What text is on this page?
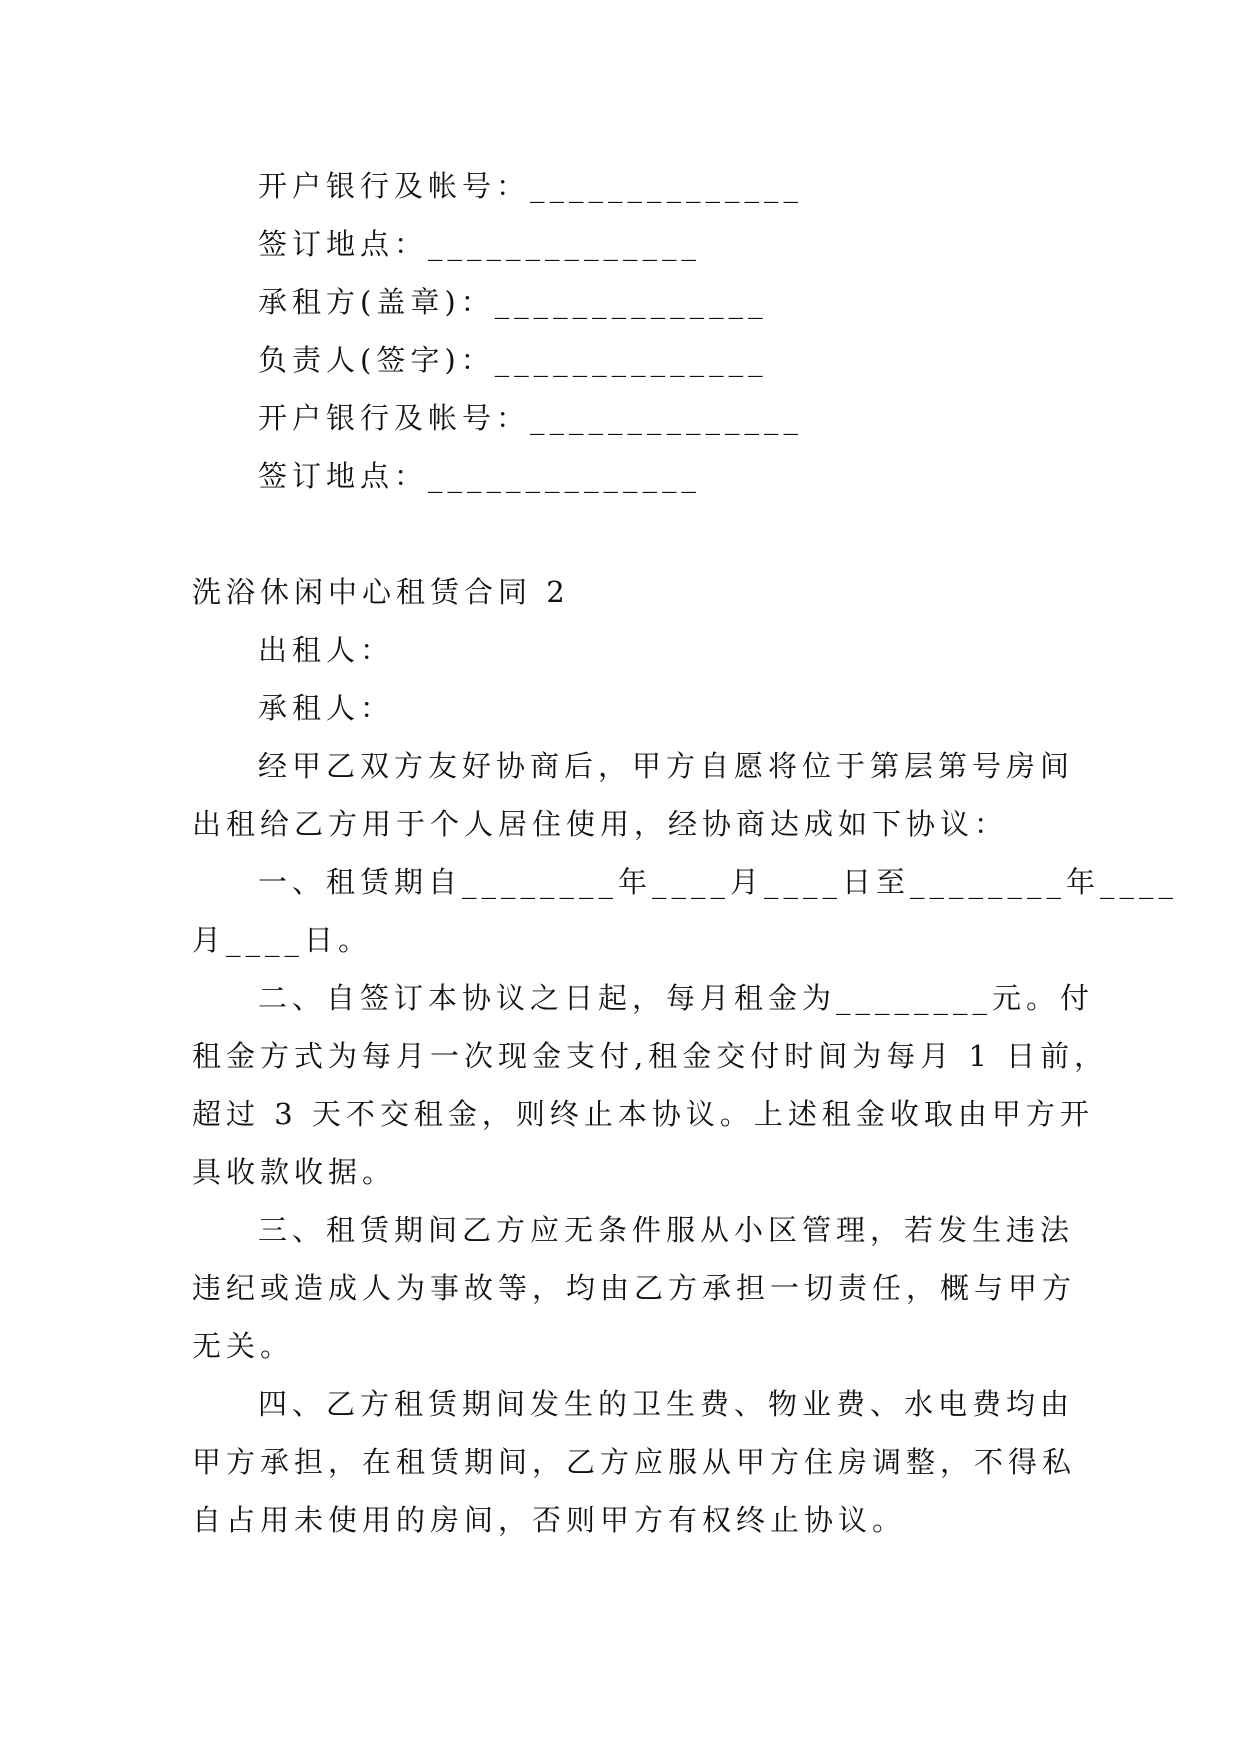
开户银行及帐号：______________
签订地点：______________
承租方(盖章)：______________
负责人(签字)：______________
开户银行及帐号：______________
签订地点：______________
洗浴休闲中心租赁合同 2
出租人：
承租人：
经甲乙双方友好协商后，甲方自愿将位于第层第号房间
出租给乙方用于个人居住使用，经协商达成如下协议：
一、租赁期自________年____月____日至________年____
月____日。
二、自签订本协议之日起，每月租金为________元。付
租金方式为每月一次现金支付,租金交付时间为每月 1 日前，
超过 3 天不交租金，则终止本协议。上述租金收取由甲方开
具收款收据。
三、租赁期间乙方应无条件服从小区管理，若发生违法
违纪或造成人为事故等，均由乙方承担一切责任，概与甲方
无关。
四、乙方租赁期间发生的卫生费、物业费、水电费均由
甲方承担，在租赁期间，乙方应服从甲方住房调整，不得私
自占用未使用的房间，否则甲方有权终止协议。
